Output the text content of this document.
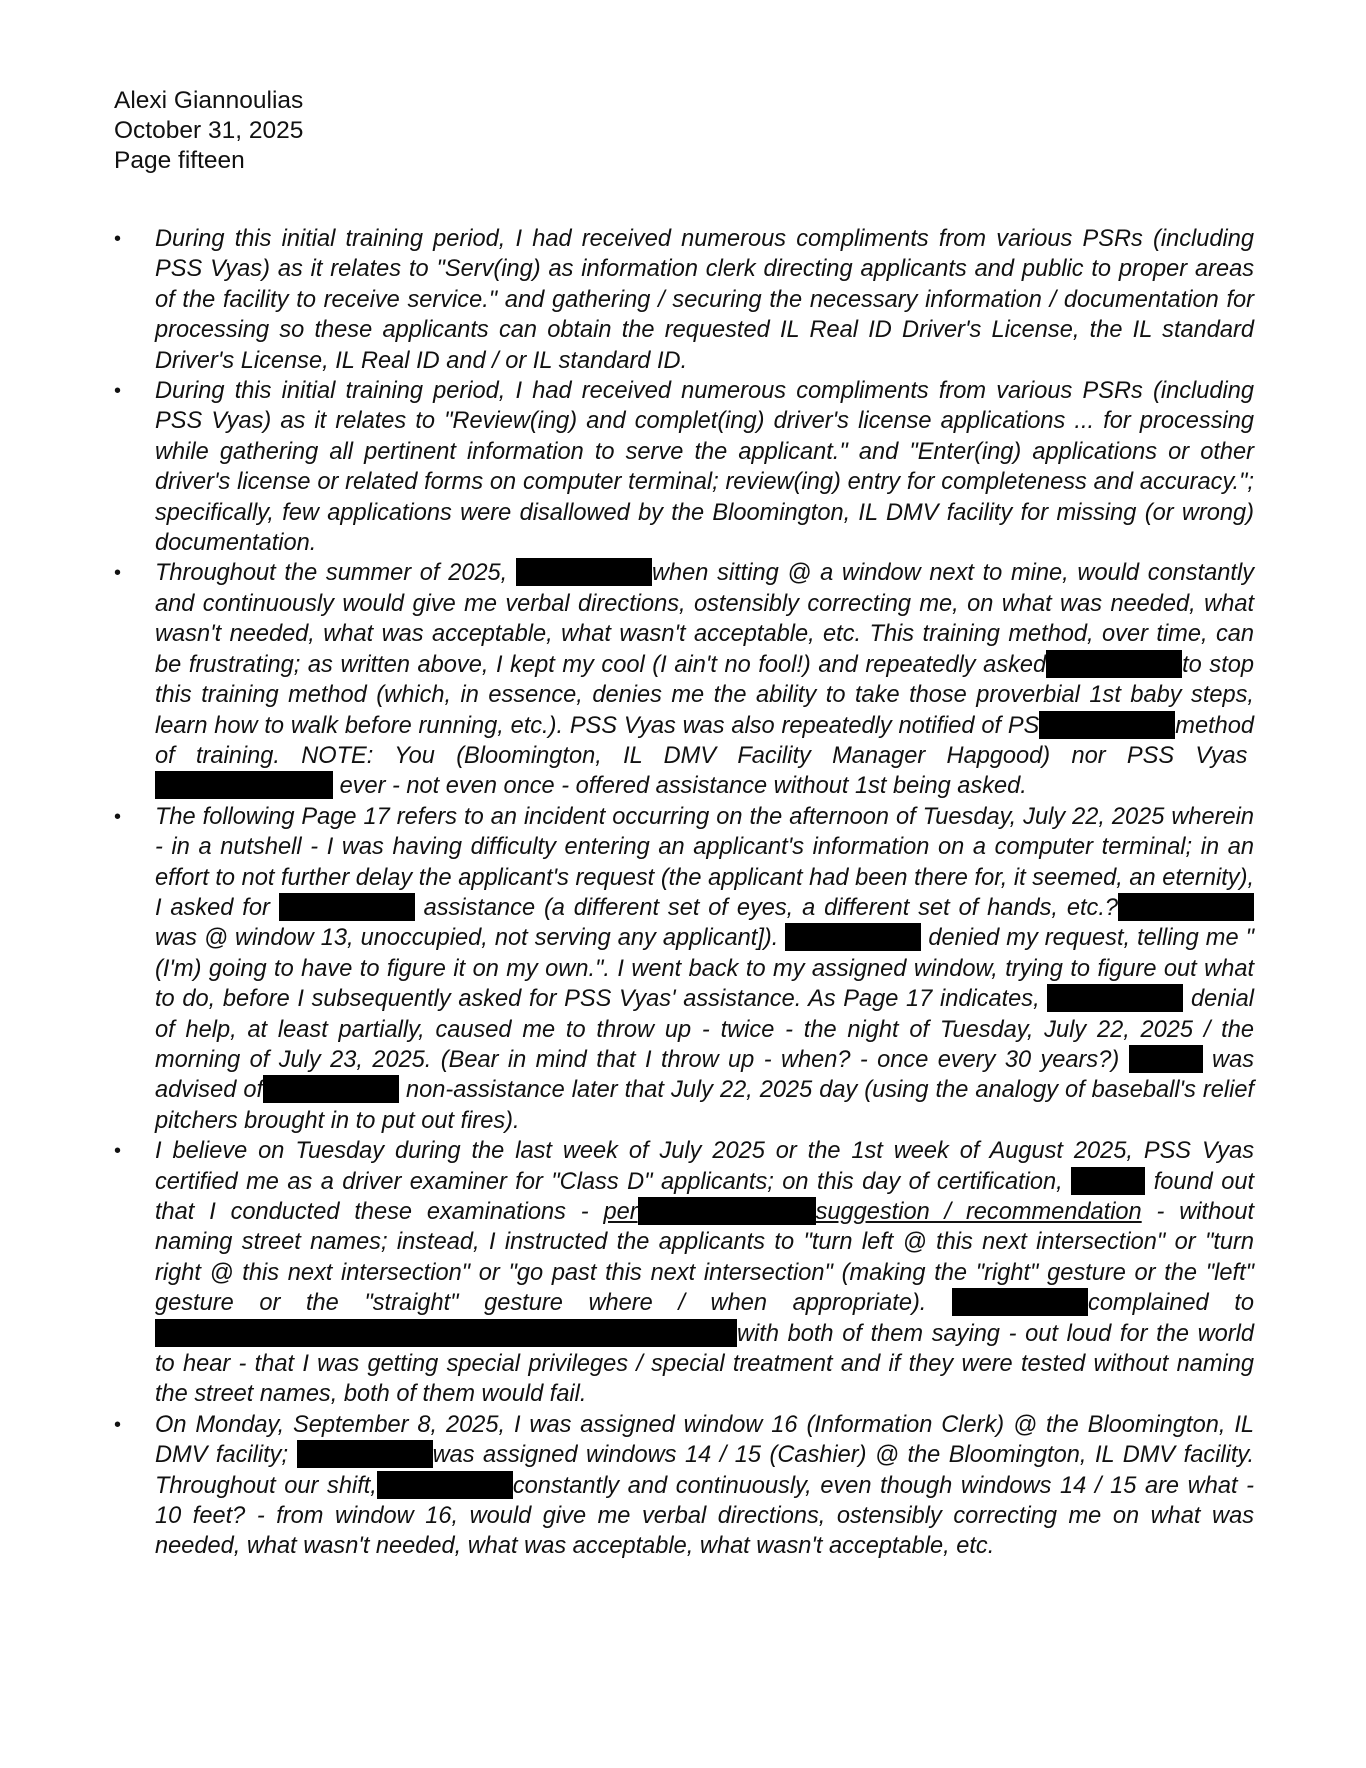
Alexi Giannoulias
October 31, 2025
Page fifteen
• During this initial training period, I had received numerous compliments from various PSRs (including PSS Vyas) as it relates to "Serv(ing) as information clerk directing applicants and public to proper areas of the facility to receive service." and gathering / securing the necessary information / documentation for processing so these applicants can obtain the requested IL Real ID Driver's License, the IL standard Driver's License, IL Real ID and / or IL standard ID.
• During this initial training period, I had received numerous compliments from various PSRs (including PSS Vyas) as it relates to "Review(ing) and complet(ing) driver's license applications ... for processing while gathering all pertinent information to serve the applicant." and "Enter(ing) applications or other driver's license or related forms on computer terminal; review(ing) entry for completeness and accuracy."; specifically, few applications were disallowed by the Bloomington, IL DMV facility for missing (or wrong) documentation.
• Throughout the summer of 2025,	when sitting @ a window next to mine, would constantly and continuously would give me verbal directions, ostensibly correcting me, on what was needed, what wasn't needed, what was acceptable, what wasn't acceptable, etc. This training method, over time, can be frustrating; as written above, I kept my cool (I ain't no fool!) and repeatedly asked	to stop this training method (which, in essence, denies me the ability to take those proverbial 1st baby steps, learn how to walk before running, etc.). PSS Vyas was also repeatedly notified of PS	method of training. NOTE: You (Bloomington, IL DMV Facility Manager Hapgood) nor PSS Vyas  ever - not even once - offered assistance without 1st being asked.
• The following Page 17 refers to an incident occurring on the afternoon of Tuesday, July 22, 2025 wherein - in a nutshell - I was having difficulty entering an applicant's information on a computer terminal; in an effort to not further delay the applicant's request (the applicant had been there for, it seemed, an eternity), I asked for	assistance (a different set of eyes, a different set of hands, etc.?was @ window 13, unoccupied, not serving any applicant]).	denied my request, telling me "(I'm) going to have to figure it on my own.". I went back to my assigned window, trying to figure out what to do, before I subsequently asked for PSS Vyas' assistance. As Page 17 indicates,	denial of help, at least partially, caused me to throw up - twice - the night of Tuesday, July 22, 2025 / the morning of July 23, 2025. (Bear in mind that I throw up - when? - once every 30 years?)	was advised of	non-assistance later that July 22, 2025 day (using the analogy of baseball's relief pitchers brought in to put out fires).
• I believe on Tuesday during the last week of July 2025 or the 1st week of August 2025, PSS Vyas certified me as a driver examiner for "Class D" applicants; on this day of certification,	found out that I conducted these examinations - per	suggestion / recommendation - without naming street names; instead, I instructed the applicants to "turn left @ this next intersection" or "turn right @ this next intersection" or "go past this next intersection" (making the "right" gesture or the "left" gesture or the "straight" gesture where / when appropriate).	complained towith both of them saying - out loud for the world to hear - that I was getting special privileges / special treatment and if they were tested without naming the street names, both of them would fail.
• On Monday, September 8, 2025, I was assigned window 16 (Information Clerk) @ the Bloomington, IL DMV facility;	was assigned windows 14 / 15 (Cashier) @ the Bloomington, IL DMV facility. Throughout our shift,	constantly and continuously, even though windows 14 / 15 are what - 10 feet? - from window 16, would give me verbal directions, ostensibly correcting me on what was needed, what wasn't needed, what was acceptable, what wasn't acceptable, etc.
